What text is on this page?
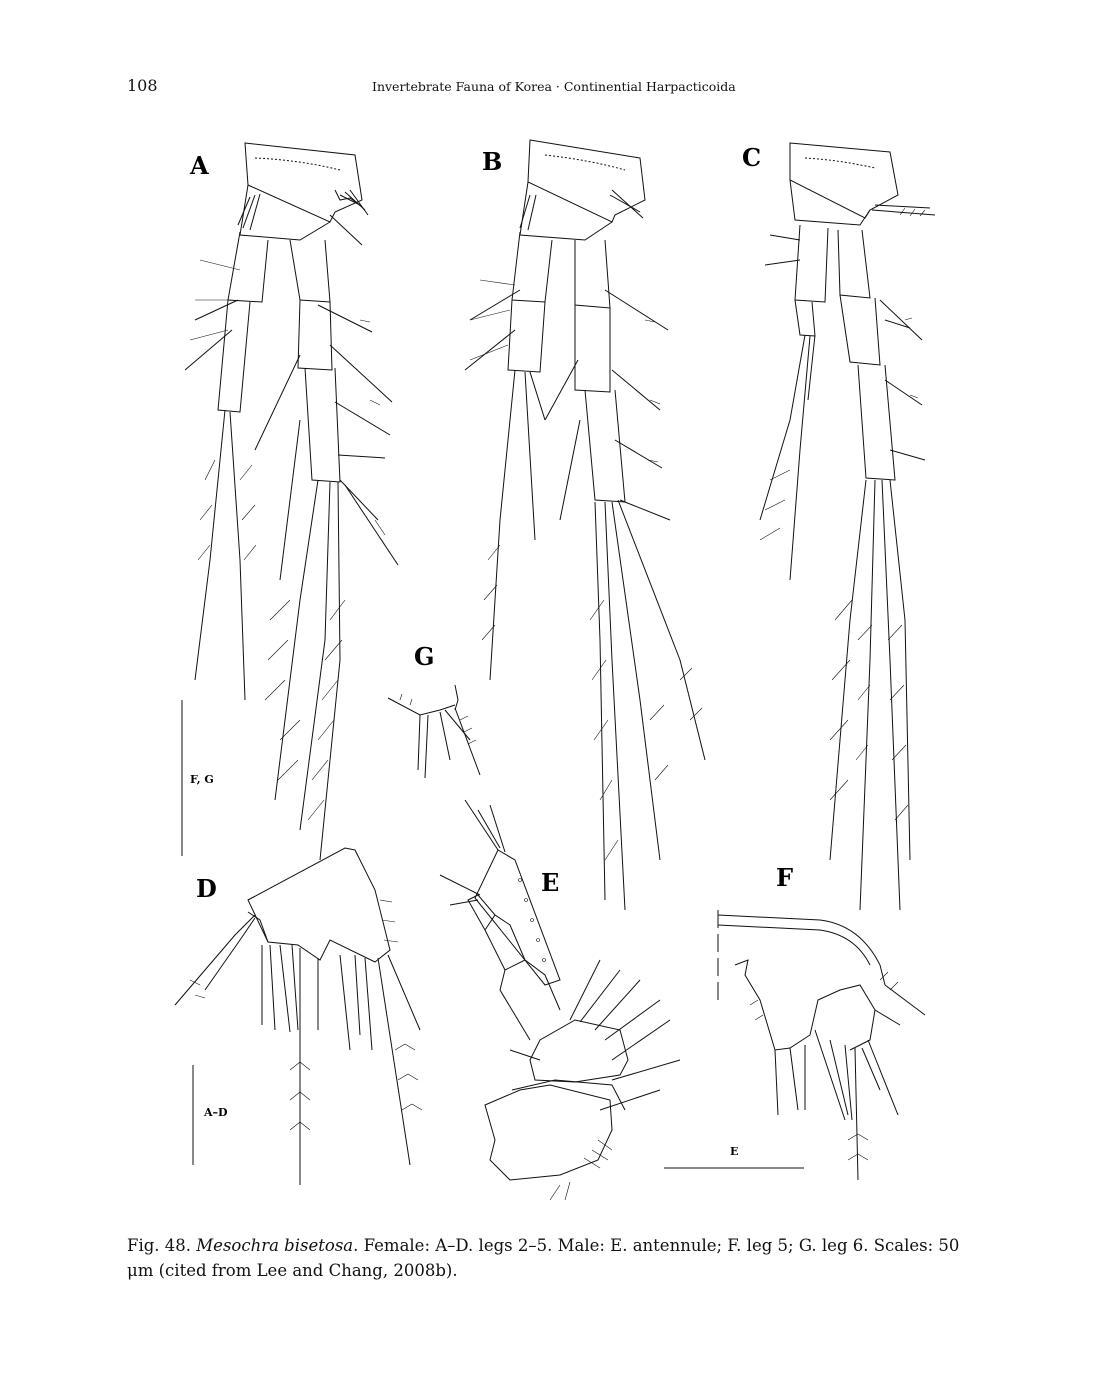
108	Invertebrate Fauna of Korea · Continential Harpacticoida
A	B	C
D	E	F
G
F, G
A–D
E
Fig. 48. Mesochra bisetosa. Female: A–D. legs 2–5. Male: E. antennule; F. leg 5; G. leg 6. Scales: 50 μm (cited from Lee and Chang, 2008b).
